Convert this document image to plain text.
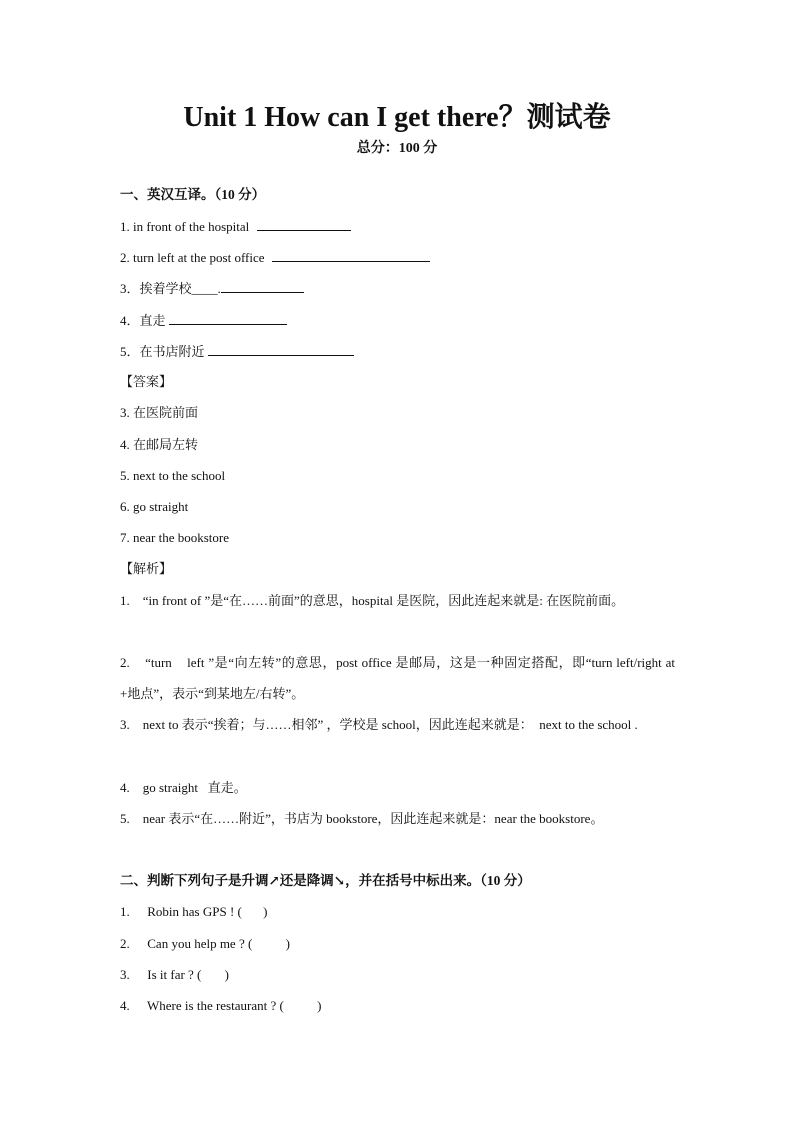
Unit 1 How can I get there？测试卷
总分：100 分
一、英汉互译。（10 分）
1. in front of the hospital
2. turn left at the post office
3．挨着学校____.
4．直走
5．在书店附近
【答案】
3. 在医院前面
4. 在邮局左转
5. next to the school
6. go straight
7. near the bookstore
【解析】
1.    “in front of ”是“在……前面”的意思，hospital 是医院，因此连起来就是: 在医院前面。
2.    “turn    left ”是“向左转”的意思，post office 是邮局，这是一种固定搭配，即“turn left/right at +地点”，表示“到某地左/右转”。
3.    next to 表示“挨着；与……相邻” ，学校是 school，因此连起来就是：  next to the school .
4.    go straight   直走。
5.    near 表示“在……附近”，书店为 bookstore，因此连起来就是：near the bookstore。
二、判断下列句子是升调↗还是降调↘，并在括号中标出来。（10 分）
1. Robin has GPS ! ( )
2. Can you help me ? (	)
3. Is it far ? ( )
4. Where is the restaurant ? (	)
